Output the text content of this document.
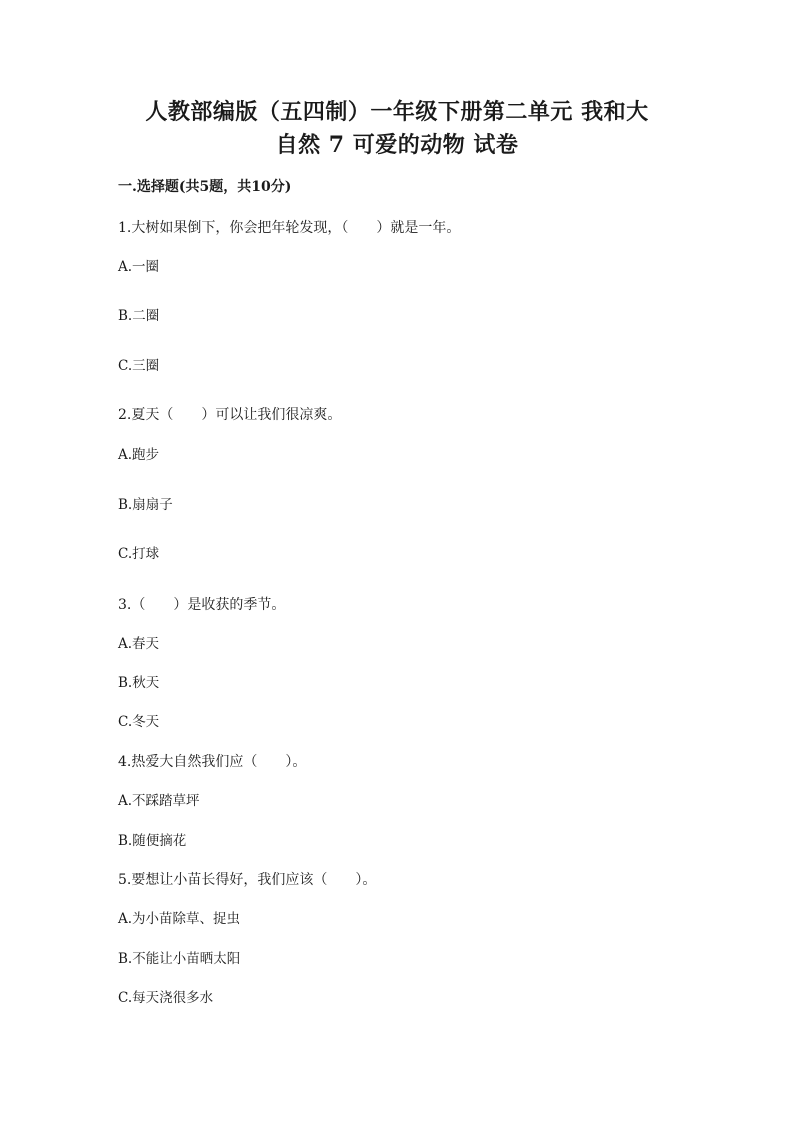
人教部编版（五四制）一年级下册第二单元 我和大
自然 7 可爱的动物 试卷
一.选择题(共5题，共10分)
1.大树如果倒下，你会把年轮发现，（　　）就是一年。
A.一圈
B.二圈
C.三圈
2.夏天（　　）可以让我们很凉爽。
A.跑步
B.扇扇子
C.打球
3.（　　）是收获的季节。
A.春天
B.秋天
C.冬天
4.热爱大自然我们应（　　）。
A.不踩踏草坪
B.随便摘花
5.要想让小苗长得好，我们应该（　　）。
A.为小苗除草、捉虫
B.不能让小苗晒太阳
C.每天浇很多水
